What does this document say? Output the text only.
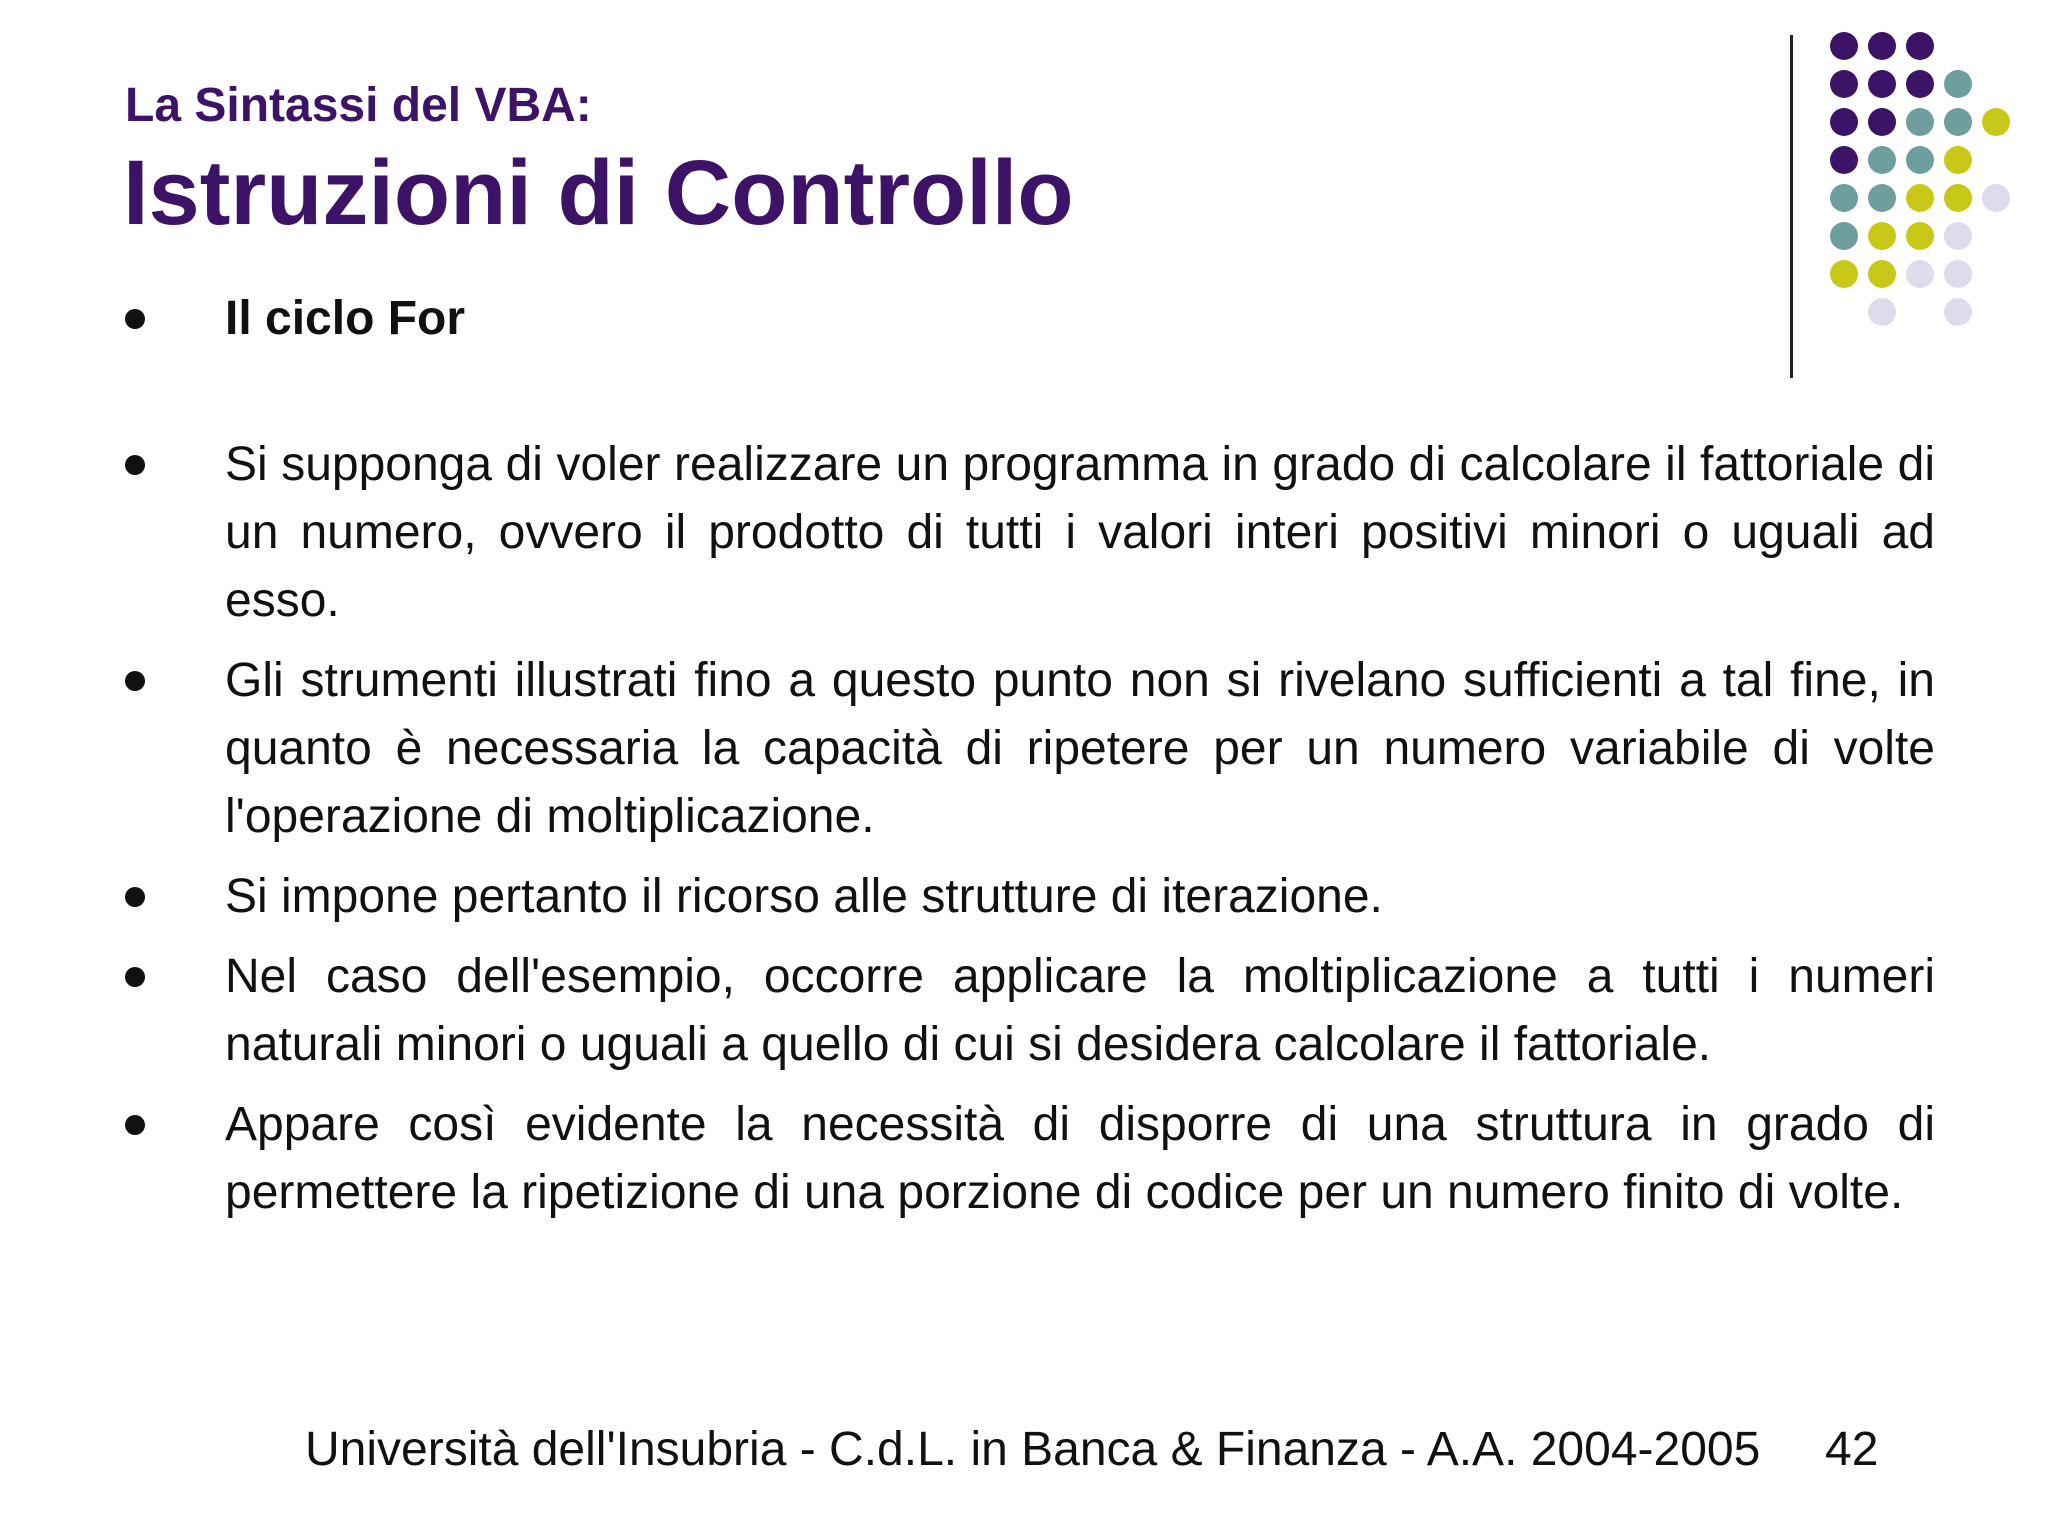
La Sintassi del VBA:
Istruzioni di Controllo
Il ciclo For
Si supponga di voler realizzare un programma in grado di calcolare il fattoriale di un numero, ovvero il prodotto di tutti i valori interi positivi minori o uguali ad esso.
Gli strumenti illustrati fino a questo punto non si rivelano sufficienti a tal fine, in quanto è necessaria la capacità di ripetere per un numero variabile di volte l'operazione di moltiplicazione.
Si impone pertanto il ricorso alle strutture di iterazione.
Nel caso dell'esempio, occorre applicare la moltiplicazione a tutti i numeri naturali minori o uguali a quello di cui si desidera calcolare il fattoriale.
Appare così evidente la necessità di disporre di una struttura in grado di permettere la ripetizione di una porzione di codice per un numero finito di volte.
Università dell'Insubria - C.d.L. in Banca & Finanza - A.A. 2004-2005 42
